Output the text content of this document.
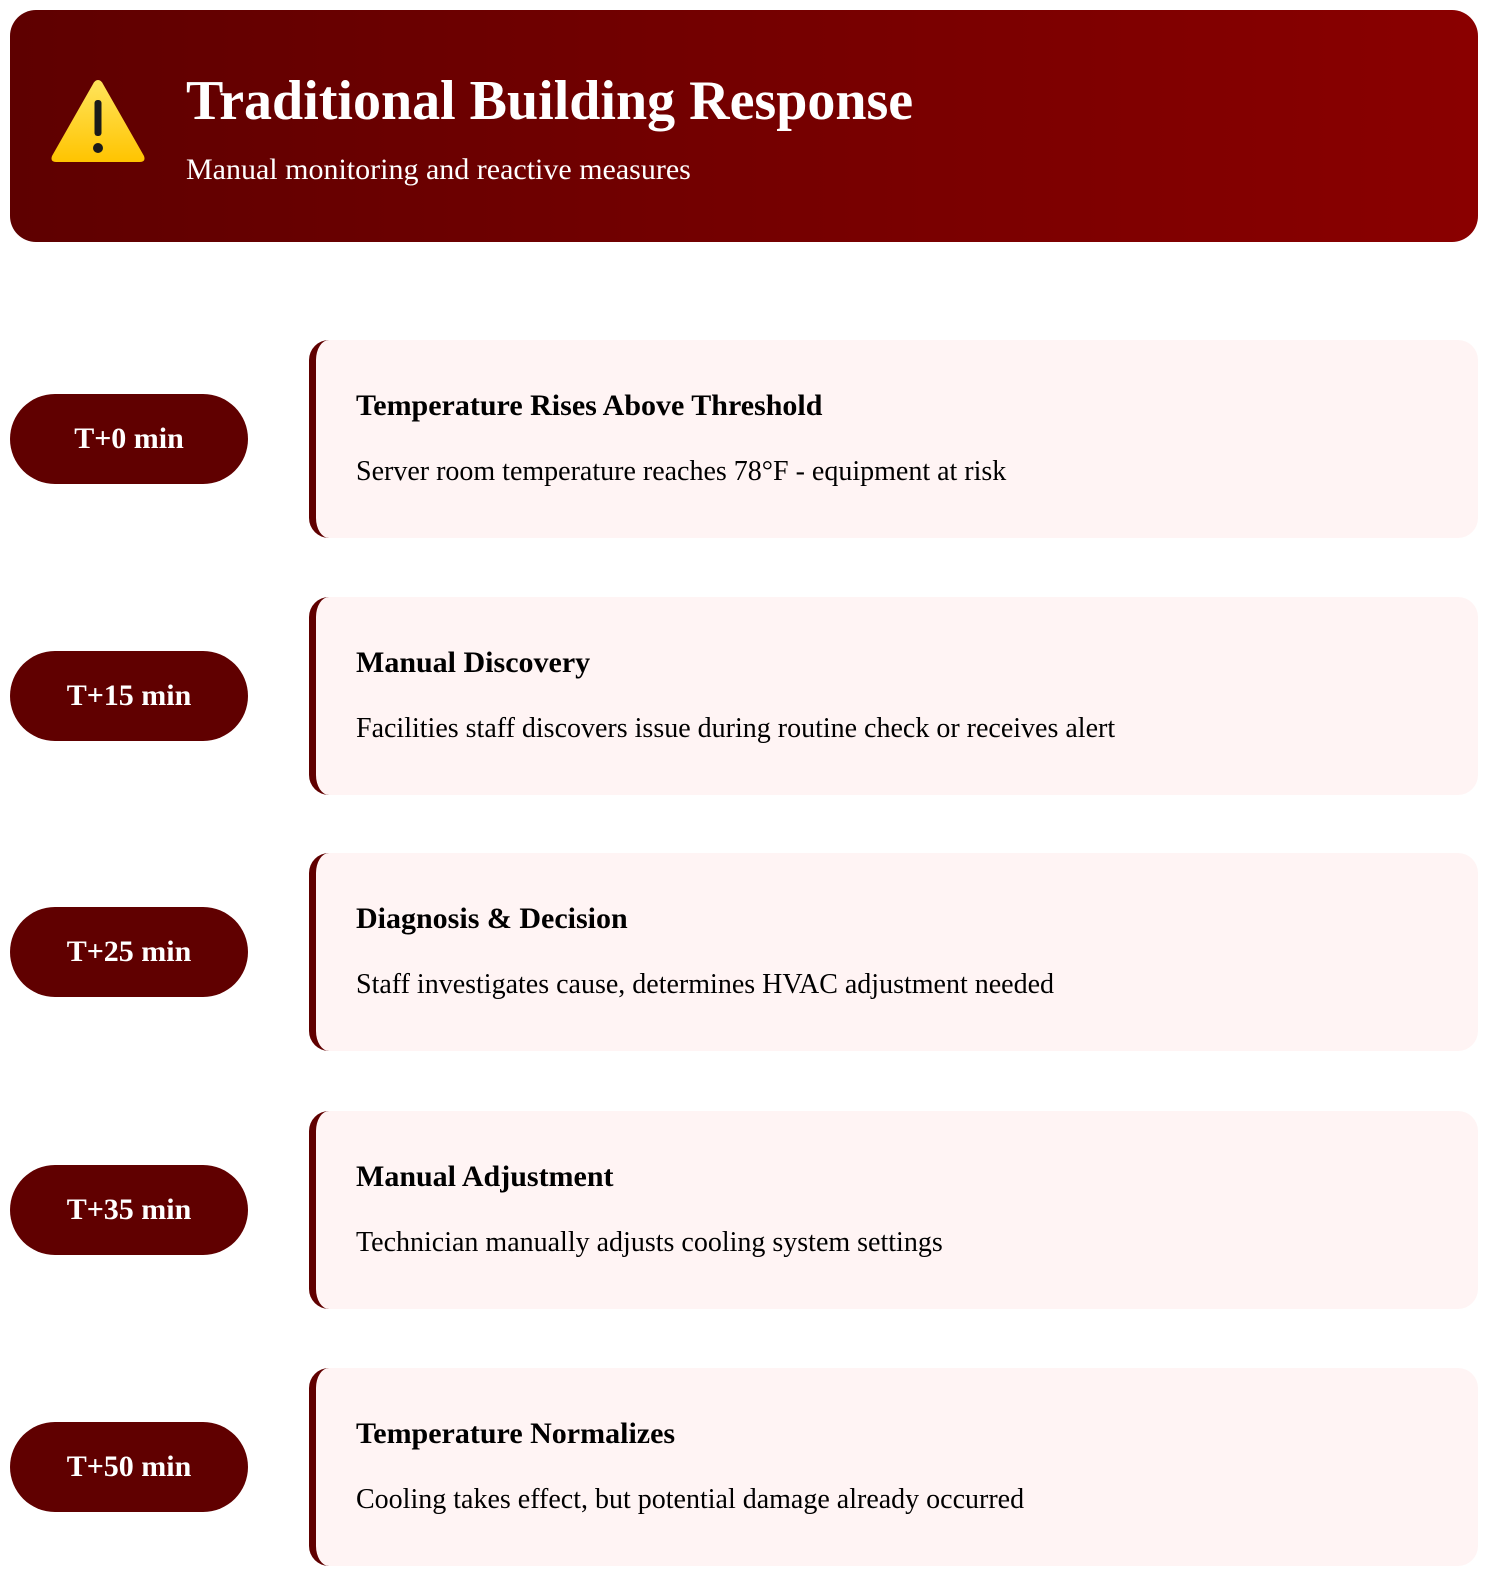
Traditional Building Response
Manual monitoring and reactive measures
T+0 min
Temperature Rises Above Threshold
Server room temperature reaches 78°F - equipment at risk
T+15 min
Manual Discovery
Facilities staff discovers issue during routine check or receives alert
T+25 min
Diagnosis & Decision
Staff investigates cause, determines HVAC adjustment needed
T+35 min
Manual Adjustment
Technician manually adjusts cooling system settings
T+50 min
Temperature Normalizes
Cooling takes effect, but potential damage already occurred
